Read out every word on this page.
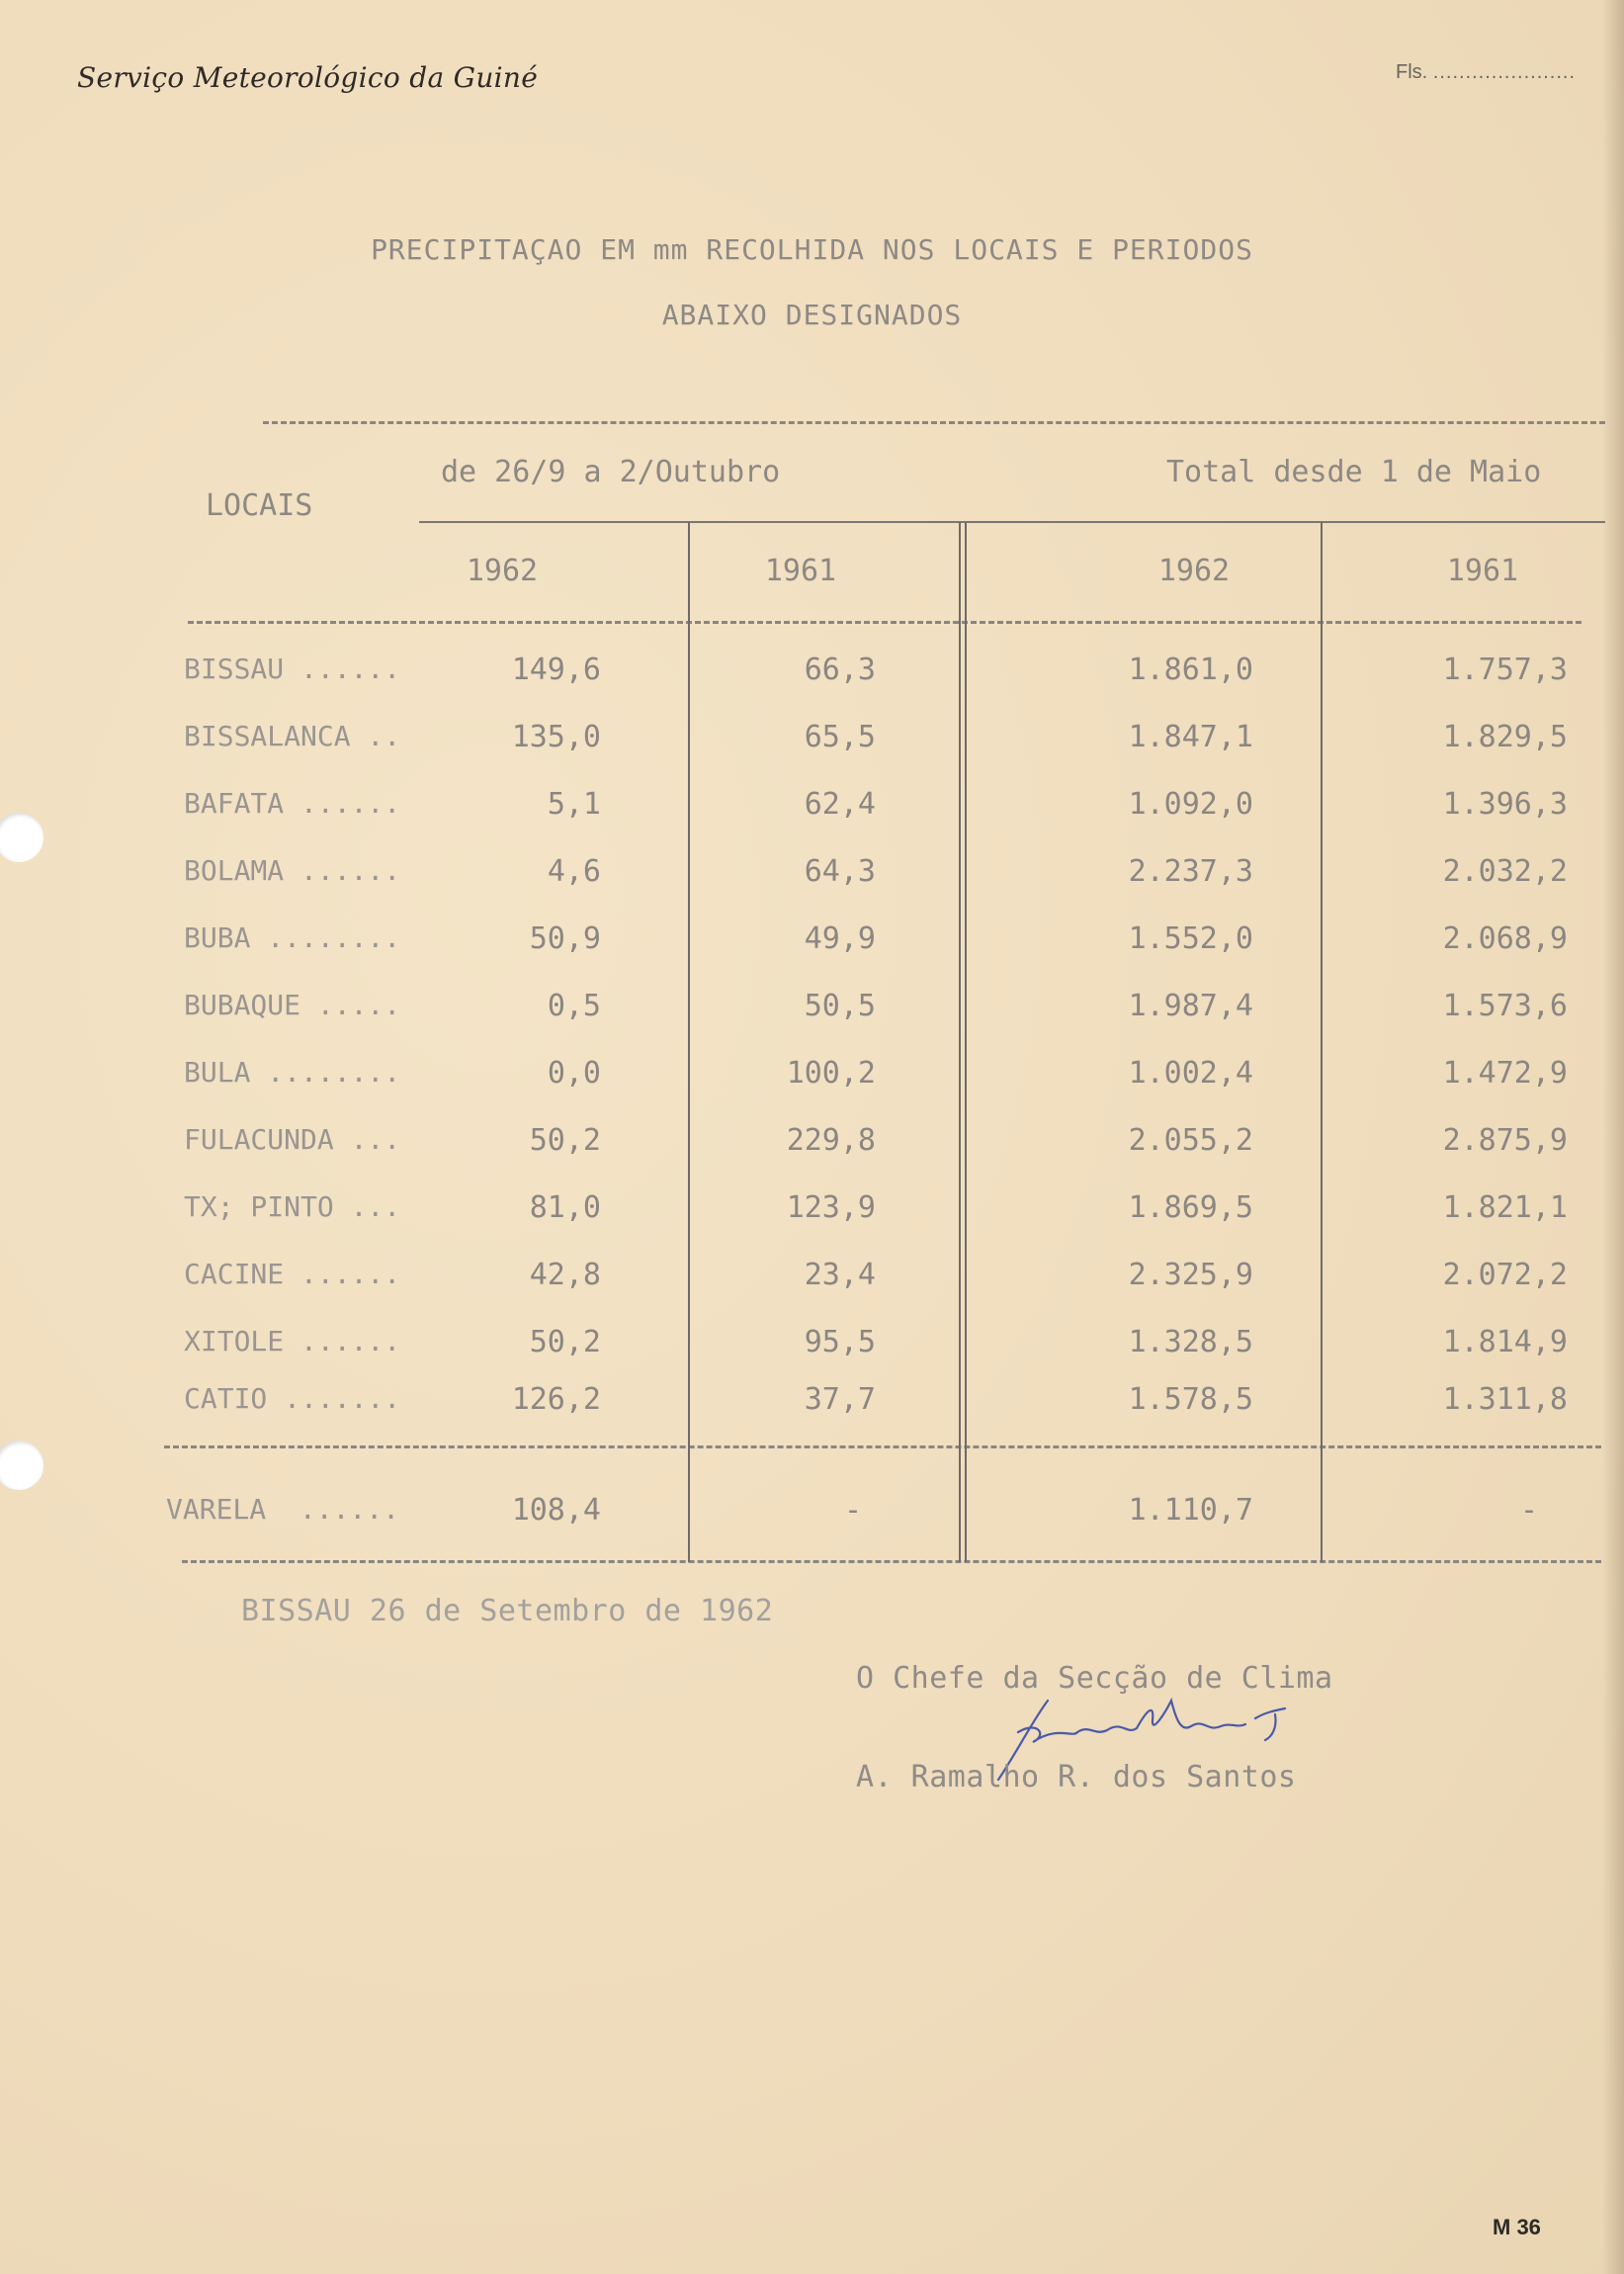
Serviço Meteorológico da Guiné	Fls. ......................
PRECIPITAÇAO EM mm RECOLHIDA NOS LOCAIS E PERIODOS
ABAIXO DESIGNADOS
LOCAIS
de 26/9 a 2/Outubro	Total desde 1 de Maio
1962	1961	1962	1961
BISSAU ......	149,6	66,3	1.861,0	1.757,3
BISSALANCA ..	135,0	65,5	1.847,1	1.829,5
BAFATA ......	5,1	62,4	1.092,0	1.396,3
BOLAMA ......	4,6	64,3	2.237,3	2.032,2
BUBA ........	50,9	49,9	1.552,0	2.068,9
BUBAQUE .....	0,5	50,5	1.987,4	1.573,6
BULA ........	0,0	100,2	1.002,4	1.472,9
FULACUNDA ...	50,2	229,8	2.055,2	2.875,9
TX; PINTO ...	81,0	123,9	1.869,5	1.821,1
CACINE ......	42,8	23,4	2.325,9	2.072,2
XITOLE ......	50,2	95,5	1.328,5	1.814,9
CATIO .......	126,2	37,7	1.578,5	1.311,8
VARELA  ......	108,4	-	1.110,7	-
BISSAU 26 de Setembro de 1962
O Chefe da Secção de Clima
A. Ramalho R. dos Santos
M 36
